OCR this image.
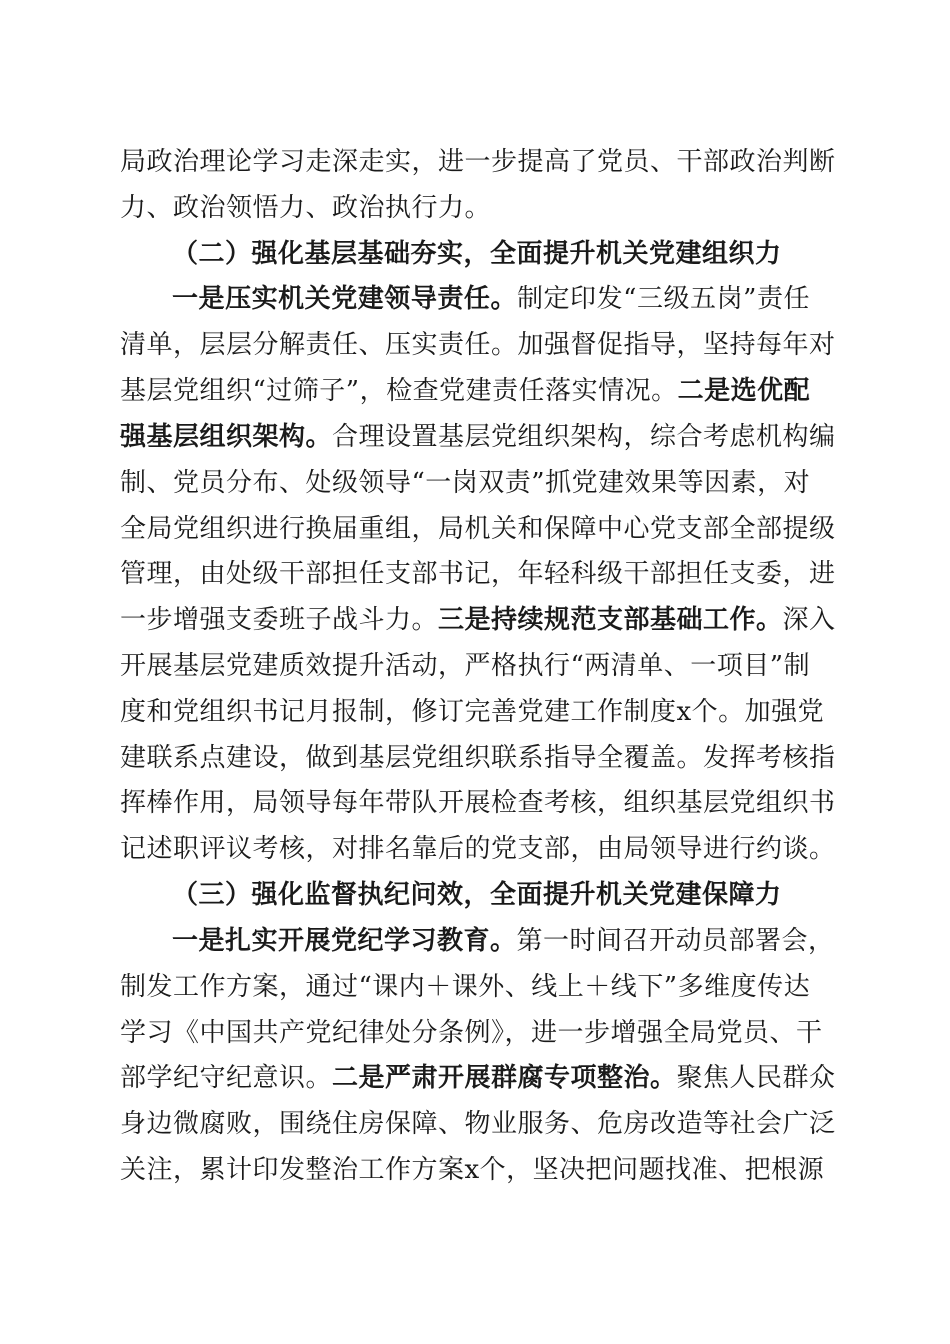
局政治理论学习走深走实，进一步提高了党员、干部政治判断
力、政治领悟力、政治执行力。
（二）强化基层基础夯实，全面提升机关党建组织力
一是压实机关党建领导责任。制定印发“三级五岗”责任
清单，层层分解责任、压实责任。加强督促指导，坚持每年对
基层党组织“过筛子”，检查党建责任落实情况。二是选优配
强基层组织架构。合理设置基层党组织架构，综合考虑机构编
制、党员分布、处级领导“一岗双责”抓党建效果等因素，对
全局党组织进行换届重组，局机关和保障中心党支部全部提级
管理，由处级干部担任支部书记，年轻科级干部担任支委，进
一步增强支委班子战斗力。三是持续规范支部基础工作。深入
开展基层党建质效提升活动，严格执行“两清单、一项目”制
度和党组织书记月报制，修订完善党建工作制度x个。加强党
建联系点建设，做到基层党组织联系指导全覆盖。发挥考核指
挥棒作用，局领导每年带队开展检查考核，组织基层党组织书
记述职评议考核，对排名靠后的党支部，由局领导进行约谈。
（三）强化监督执纪问效，全面提升机关党建保障力
一是扎实开展党纪学习教育。第一时间召开动员部署会，
制发工作方案，通过“课内＋课外、线上＋线下”多维度传达
学习《中国共产党纪律处分条例》，进一步增强全局党员、干
部学纪守纪意识。二是严肃开展群腐专项整治。聚焦人民群众
身边微腐败，围绕住房保障、物业服务、危房改造等社会广泛
关注，累计印发整治工作方案x个，坚决把问题找准、把根源
